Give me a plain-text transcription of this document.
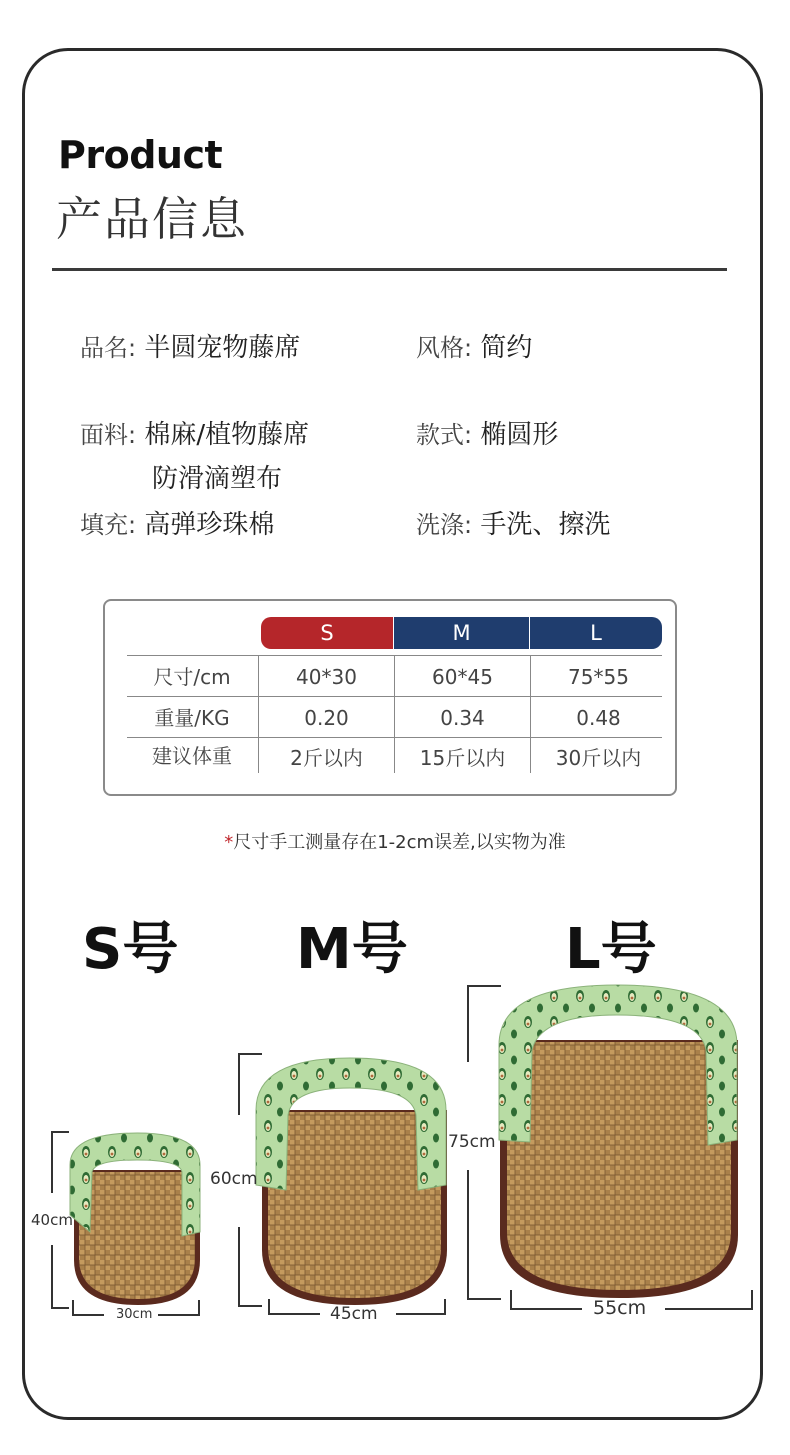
Product
产品信息
品名: 半圆宠物藤席	风格: 简约
面料: 棉麻/植物藤席
防滑滴塑布
款式: 椭圆形
填充: 高弹珍珠棉	洗涤: 手洗、擦洗
S	M	L
尺寸/cm	40*30	60*45	75*55
重量/KG	0.20	0.34	0.48
建议体重	2斤以内	15斤以内	30斤以内
*尺寸手工测量存在1-2cm误差,以实物为准
S号 M号	L号
40cm
30cm
60cm
45cm
75cm
55cm
